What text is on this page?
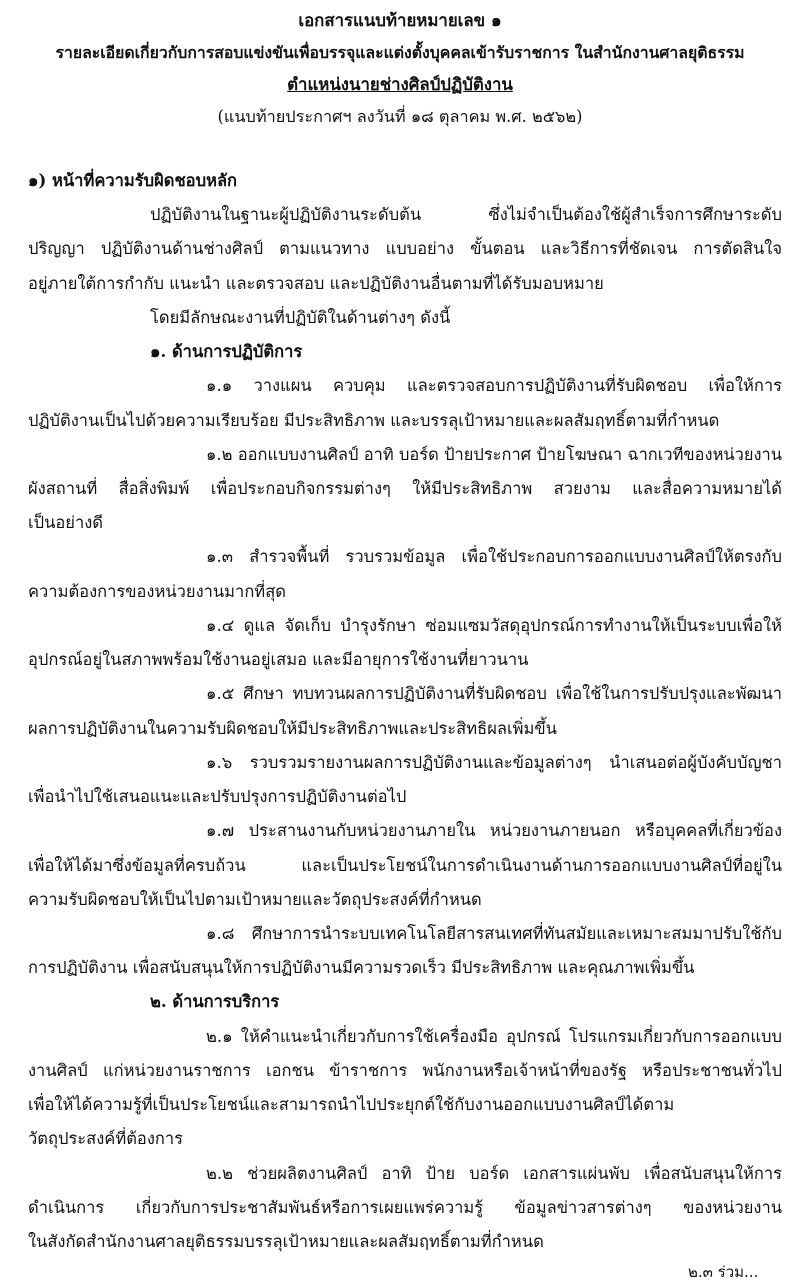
เอกสารแนบท้ายหมายเลข ๑
รายละเอียดเกี่ยวกับการสอบแข่งขันเพื่อบรรจุและแต่งตั้งบุคคลเข้ารับราชการ ในสำนักงานศาลยุติธรรม
ตำแหน่งนายช่างศิลป์ปฏิบัติงาน
(แนบท้ายประกาศฯ ลงวันที่ ๑๘ ตุลาคม พ.ศ. ๒๕๖๒)
๑) หน้าที่ความรับผิดชอบหลัก
ปฏิบัติงานในฐานะผู้ปฏิบัติงานระดับต้น ซึ่งไม่จำเป็นต้องใช้ผู้สำเร็จการศึกษาระดับ
ปริญญา ปฏิบัติงานด้านช่างศิลป์ ตามแนวทาง แบบอย่าง ขั้นตอน และวิธีการที่ชัดเจน การตัดสินใจ
อยู่ภายใต้การกำกับ แนะนำ และตรวจสอบ และปฏิบัติงานอื่นตามที่ได้รับมอบหมาย
โดยมีลักษณะงานที่ปฏิบัติในด้านต่างๆ ดังนี้
๑. ด้านการปฏิบัติการ
๑.๑ วางแผน ควบคุม และตรวจสอบการปฏิบัติงานที่รับผิดชอบ เพื่อให้การ
ปฏิบัติงานเป็นไปด้วยความเรียบร้อย มีประสิทธิภาพ และบรรลุเป้าหมายและผลสัมฤทธิ์ตามที่กำหนด
๑.๒ ออกแบบงานศิลป์ อาทิ บอร์ด ป้ายประกาศ ป้ายโฆษณา ฉากเวทีของหน่วยงาน
ผังสถานที่ สื่อสิ่งพิมพ์ เพื่อประกอบกิจกรรมต่างๆ ให้มีประสิทธิภาพ สวยงาม และสื่อความหมายได้
เป็นอย่างดี
๑.๓ สำรวจพื้นที่ รวบรวมข้อมูล เพื่อใช้ประกอบการออกแบบงานศิลป์ให้ตรงกับ
ความต้องการของหน่วยงานมากที่สุด
๑.๔ ดูแล จัดเก็บ บำรุงรักษา ซ่อมแซมวัสดุอุปกรณ์การทำงานให้เป็นระบบเพื่อให้
อุปกรณ์อยู่ในสภาพพร้อมใช้งานอยู่เสมอ และมีอายุการใช้งานที่ยาวนาน
๑.๕ ศึกษา ทบทวนผลการปฏิบัติงานที่รับผิดชอบ เพื่อใช้ในการปรับปรุงและพัฒนา
ผลการปฏิบัติงานในความรับผิดชอบให้มีประสิทธิภาพและประสิทธิผลเพิ่มขึ้น
๑.๖ รวบรวมรายงานผลการปฏิบัติงานและข้อมูลต่างๆ นำเสนอต่อผู้บังคับบัญชา
เพื่อนำไปใช้เสนอแนะและปรับปรุงการปฏิบัติงานต่อไป
๑.๗ ประสานงานกับหน่วยงานภายใน หน่วยงานภายนอก หรือบุคคลที่เกี่ยวข้อง
เพื่อให้ได้มาซึ่งข้อมูลที่ครบถ้วน และเป็นประโยชน์ในการดำเนินงานด้านการออกแบบงานศิลป์ที่อยู่ใน
ความรับผิดชอบให้เป็นไปตามเป้าหมายและวัตถุประสงค์ที่กำหนด
๑.๘ ศึกษาการนำระบบเทคโนโลยีสารสนเทศที่ทันสมัยและเหมาะสมมาปรับใช้กับ
การปฏิบัติงาน เพื่อสนับสนุนให้การปฏิบัติงานมีความรวดเร็ว มีประสิทธิภาพ และคุณภาพเพิ่มขึ้น
๒. ด้านการบริการ
๒.๑ ให้คำแนะนำเกี่ยวกับการใช้เครื่องมือ อุปกรณ์ โปรแกรมเกี่ยวกับการออกแบบ
งานศิลป์ แก่หน่วยงานราชการ เอกชน ข้าราชการ พนักงานหรือเจ้าหน้าที่ของรัฐ หรือประชาชนทั่วไป
เพื่อให้ได้ความรู้ที่เป็นประโยชน์และสามารถนำไปประยุกต์ใช้กับงานออกแบบงานศิลป์ได้ตาม
วัตถุประสงค์ที่ต้องการ
๒.๒ ช่วยผลิตงานศิลป์ อาทิ ป้าย บอร์ด เอกสารแผ่นพับ เพื่อสนับสนุนให้การ
ดำเนินการ เกี่ยวกับการประชาสัมพันธ์หรือการเผยแพร่ความรู้ ข้อมูลข่าวสารต่างๆ ของหน่วยงาน
ในสังกัดสำนักงานศาลยุติธรรมบรรลุเป้าหมายและผลสัมฤทธิ์ตามที่กำหนด
๒.๓ ร่วม...
